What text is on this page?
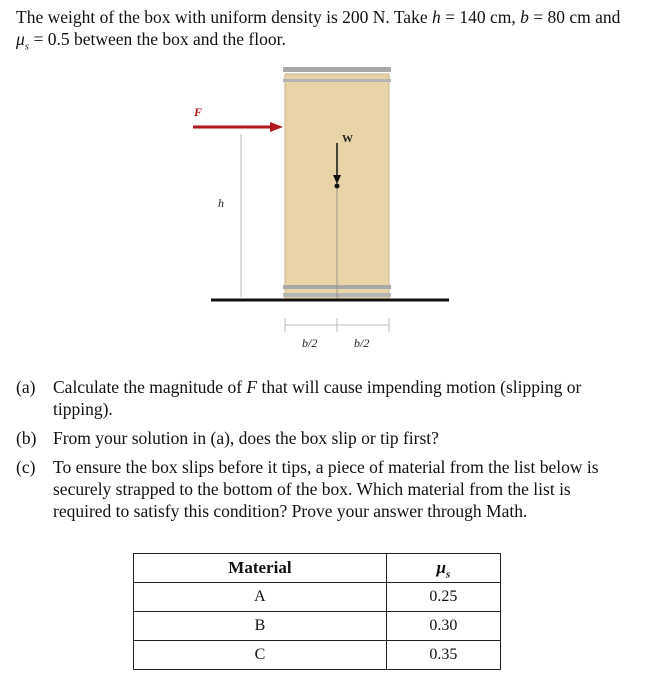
The weight of the box with uniform density is 200 N. Take h = 140 cm, b = 80 cm and $\mu_s = 0.5$ between the box and the floor.
F
h
W
b/2	b/2
(a)	Calculate the magnitude of F that will cause impending motion (slipping or tipping).
(b) From your solution in (a), does the box slip or tip first?
(c)	To ensure the box slips before it tips, a piece of material from the list below is securely strapped to the bottom of the box. Which material from the list is required to satisfy this condition? Prove your answer through Math.
Material	$\mu_s$
A	0.25
B	0.30
C	0.35
